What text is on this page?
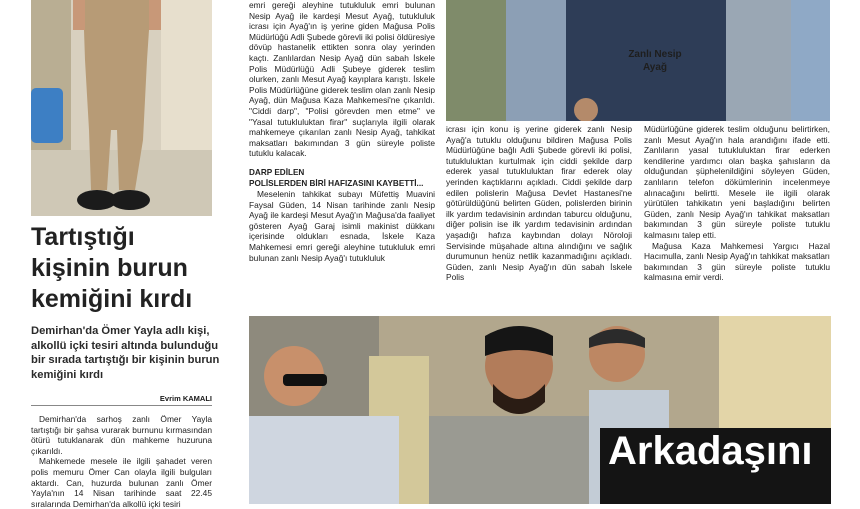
Tartıştığı kişinin burun kemiğini kırdı
Demirhan'da Ömer Yayla adlı kişi, alkollü içki tesiri altında bulunduğu bir sırada tartıştığı bir kişinin burun kemiğini kırdı
Evrim KAMALI

Demirhan'da sarhoş zanlı Ömer Yayla tartıştığı bir şahsa vurarak burnunu kırmasından ötürü tutuklanarak dün mahkeme huzuruna çıkarıldı.

Mahkemede mesele ile ilgili şahadet veren polis memuru Ömer Can olayla ilgili bulguları aktardı. Can, huzurda bulunan zanlı Ömer Yayla'nın 14 Nisan tarihinde saat 22.45 sıralarında Demirhan'da alkollü içki tesiri

emri gereği aleyhine tutukluluk emri bulunan Nesip Ayağ ile kardeşi Mesut Ayağ, tutukluluk icrası için Ayağ'ın iş yerine giden Mağusa Polis Müdürlüğü Adli Şubede görevli iki polisi öldüresiye dövüp hastanelik ettikten sonra olay yerinden kaçtı. Zanlılardan Nesip Ayağ dün sabah İskele Polis Müdürlüğü Adli Şubeye giderek teslim olurken, zanlı Mesut Ayağ kayıplara karıştı. İskele Polis Müdürlüğüne giderek teslim olan zanlı Nesip Ayağ, dün Mağusa Kaza Mahkemesi'ne çıkarıldı. "Ciddi darp", "Polisi görevden men etme" ve "Yasal tutukluluktan firar" suçlarıyla ilgili olarak mahkemeye çıkarılan zanlı Nesip Ayağ, tahkikat maksatları bakımından 3 gün süreyle poliste tutuklu kalacak.

DARP EDİLEN

POLİSLERDEN BİRİ HAFIZASINI KAYBETTİ...

Meselenin tahkikat subayı Müfettiş Muavini Faysal Güden, 14 Nisan tarihinde zanlı Nesip Ayağ ile kardeşi Mesut Ayağ'ın Mağusa'da faaliyet gösteren Ayağ Garaj isimli makinist dükkanı içerisinde oldukları esnada, İskele Kaza Mahkemesi emri gereği aleyhine tutukluluk emri bulunan zanlı Nesip Ayağ'ı tutukluluk

Zanlı Nesip Ayağ

icrası için konu iş yerine giderek zanlı Nesip Ayağ'a tutuklu olduğunu bildiren Mağusa Polis Müdürlüğüne bağlı Adli Şubede görevli iki polisi, tutukluluktan kurtulmak için ciddi şekilde darp ederek yasal tutukluluktan firar ederek olay yerinden kaçtıklarını açıkladı. Ciddi şekilde darp edilen polislerin Mağusa Devlet Hastanesi'ne götürüldüğünü belirten Güden, polislerden birinin ilk yardım tedavisinin ardından taburcu olduğunu, diğer polisin ise ilk yardım tedavisinin ardından yaşadığı hafıza kaybından dolayı Nöroloji Servisinde müşahade altına alındığını ve sağlık durumunun henüz netlik kazanmadığını açıkladı. Güden, zanlı Nesip Ayağ'ın dün sabah İskele Polis

Müdürlüğüne giderek teslim olduğunu belirtirken, zanlı Mesut Ayağ'ın hala arandığını ifade etti. Zanlıların yasal tutukluluktan firar ederken kendilerine yardımcı olan başka şahısların da olduğundan şüphelenildiğini söyleyen Güden, zanlıların telefon dökümlerinin incelenmeye alınacağını belirtti. Mesele ile ilgili olarak yürütülen tahkikatın yeni başladığını belirten Güden, zanlı Nesip Ayağ'ın tahkikat maksatları bakımından 3 gün süreyle poliste tutuklu kalmasını talep etti.

Mağusa Kaza Mahkemesi Yargıcı Hazal Hacımulla, zanlı Nesip Ayağ'ın tahkikat maksatları bakımından 3 gün süreyle poliste tutuklu kalmasına emir verdi.

Arkadaşını
